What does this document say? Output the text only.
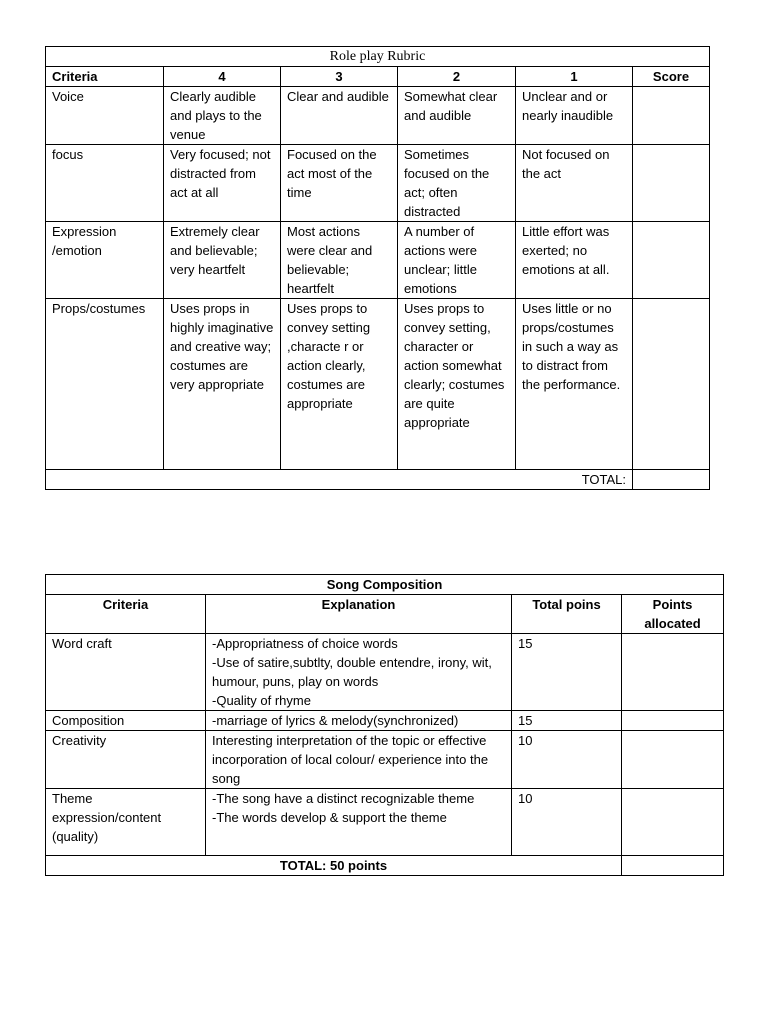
Role play Rubric					
Criteria	4	3	2	1	Score
Voice	Clearly audible and plays to the venue	Clear and audible	Somewhat clear and audible	Unclear and or nearly inaudible	
focus	Very focused; not distracted from act at all	Focused on the act most of the time	Sometimes focused on the act; often distracted	Not focused on the act	
Expression /emotion	Extremely clear and believable; very heartfelt	Most actions were clear and believable; heartfelt	A number of actions were unclear; little emotions	Little effort was exerted; no emotions at all.	
Props/costumes	Uses props in highly imaginative and creative way; costumes are very appropriate	Uses props to convey setting ,characte r or action clearly, costumes are appropriate	Uses props to convey setting, character or action somewhat clearly; costumes are quite appropriate	Uses little or no props/costumes in such a way as to distract from the performance.	
TOTAL:					
Song Composition			
Criteria	Explanation	Total poins	Points allocated
Word craft	-Appropriatness of choice words
-Use of satire,subtlty, double entendre, irony, wit, humour, puns, play on words
-Quality of rhyme	15	
Composition	-marriage of lyrics & melody(synchronized)	15	
Creativity	Interesting interpretation of the topic or effective incorporation of local colour/ experience into the song	10	
Theme expression/content (quality)	-The song have a distinct recognizable theme
-The words develop & support the theme	10	
TOTAL: 50 points			
